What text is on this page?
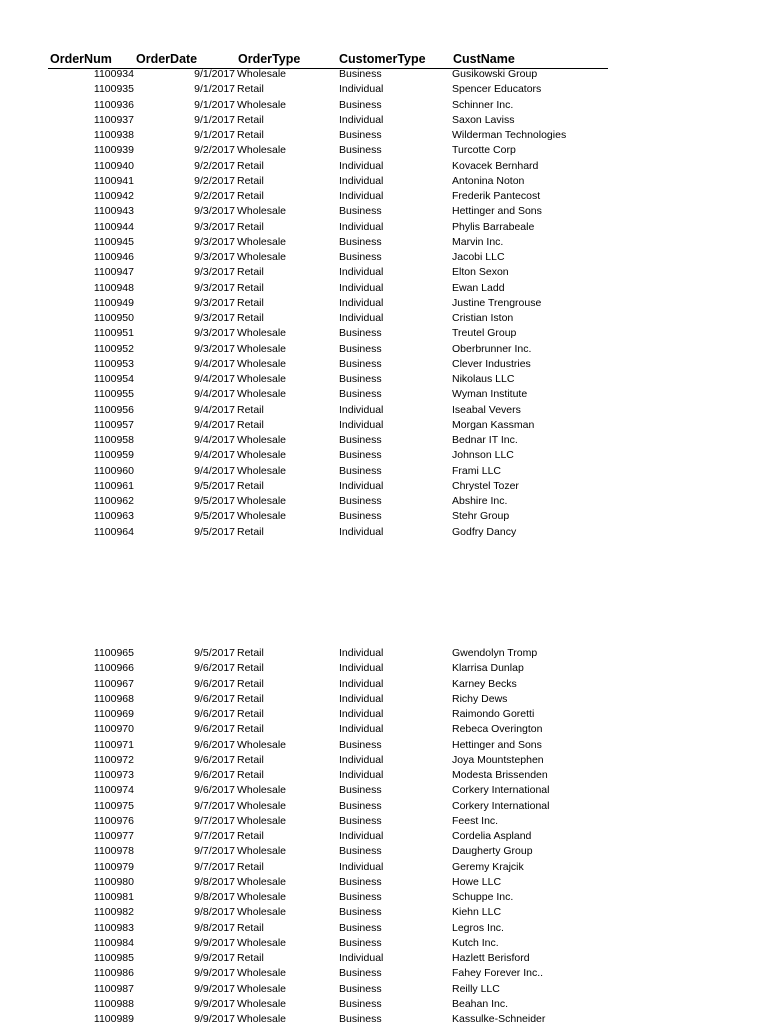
OrderNum OrderDate	OrderType	CustomerType CustName
1100934	9/1/2017 Wholesale	Business	Gusikowski Group
1100935	9/1/2017 Retail	Individual	Spencer Educators
1100936	9/1/2017 Wholesale	Business	Schinner Inc.
1100937	9/1/2017 Retail	Individual	Saxon Laviss
1100938	9/1/2017 Retail	Business	Wilderman Technologies
1100939	9/2/2017 Wholesale	Business	Turcotte Corp
1100940	9/2/2017 Retail	Individual	Kovacek Bernhard
1100941	9/2/2017 Retail	Individual	Antonina Noton
1100942	9/2/2017 Retail	Individual	Frederik Pantecost
1100943	9/3/2017 Wholesale	Business	Hettinger and Sons
1100944	9/3/2017 Retail	Individual	Phylis Barrabeale
1100945	9/3/2017 Wholesale	Business	Marvin Inc.
1100946	9/3/2017 Wholesale	Business	Jacobi LLC
1100947	9/3/2017 Retail	Individual	Elton Sexon
1100948	9/3/2017 Retail	Individual	Ewan Ladd
1100949	9/3/2017 Retail	Individual	Justine Trengrouse
1100950	9/3/2017 Retail	Individual	Cristian Iston
1100951	9/3/2017 Wholesale	Business	Treutel Group
1100952	9/3/2017 Wholesale	Business	Oberbrunner Inc.
1100953	9/4/2017 Wholesale	Business	Clever Industries
1100954	9/4/2017 Wholesale	Business	Nikolaus LLC
1100955	9/4/2017 Wholesale	Business	Wyman Institute
1100956	9/4/2017 Retail	Individual	Iseabal Vevers
1100957	9/4/2017 Retail	Individual	Morgan Kassman
1100958	9/4/2017 Wholesale	Business	Bednar IT Inc.
1100959	9/4/2017 Wholesale	Business	Johnson LLC
1100960	9/4/2017 Wholesale	Business	Frami LLC
1100961	9/5/2017 Retail	Individual	Chrystel Tozer
1100962	9/5/2017 Wholesale	Business	Abshire Inc.
1100963	9/5/2017 Wholesale	Business	Stehr Group
1100964	9/5/2017 Retail	Individual	Godfry Dancy
1100965	9/5/2017 Retail	Individual	Gwendolyn Tromp
1100966	9/6/2017 Retail	Individual	Klarrisa Dunlap
1100967	9/6/2017 Retail	Individual	Karney Becks
1100968	9/6/2017 Retail	Individual	Richy Dews
1100969	9/6/2017 Retail	Individual	Raimondo Goretti
1100970	9/6/2017 Retail	Individual	Rebeca Overington
1100971	9/6/2017 Wholesale	Business	Hettinger and Sons
1100972	9/6/2017 Retail	Individual	Joya Mountstephen
1100973	9/6/2017 Retail	Individual	Modesta Brissenden
1100974	9/6/2017 Wholesale	Business	Corkery International
1100975	9/7/2017 Wholesale	Business	Corkery International
1100976	9/7/2017 Wholesale	Business	Feest Inc.
1100977	9/7/2017 Retail	Individual	Cordelia Aspland
1100978	9/7/2017 Wholesale	Business	Daugherty Group
1100979	9/7/2017 Retail	Individual	Geremy Krajcik
1100980	9/8/2017 Wholesale	Business	Howe LLC
1100981	9/8/2017 Wholesale	Business	Schuppe Inc.
1100982	9/8/2017 Wholesale	Business	Kiehn LLC
1100983	9/8/2017 Retail	Business	Legros Inc.
1100984	9/9/2017 Wholesale	Business	Kutch Inc.
1100985	9/9/2017 Retail	Individual	Hazlett Berisford
1100986	9/9/2017 Wholesale	Business	Fahey Forever Inc..
1100987	9/9/2017 Wholesale	Business	Reilly LLC
1100988	9/9/2017 Wholesale	Business	Beahan Inc.
1100989	9/9/2017 Wholesale	Business	Kassulke-Schneider
